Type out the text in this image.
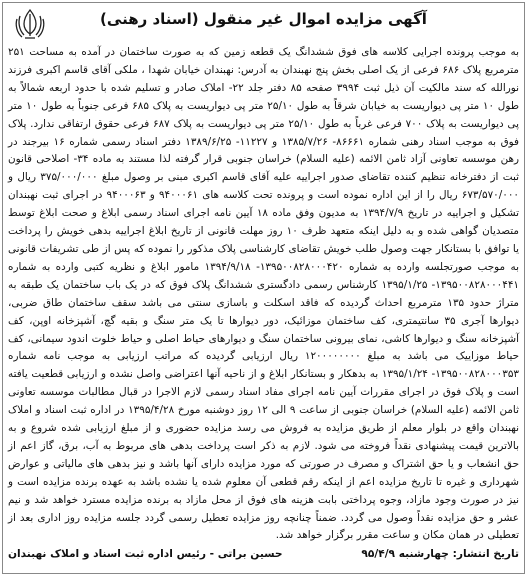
آگهی مزایده اموال غیر منقول (اسناد رهنی)

به موجب پرونده اجرایی کلاسه های فوق ششدانگ یک قطعه زمین که به صورت ساختمان در آمده به مساحت ۲۵۱ مترمربع پلاک ۶۸۶ فرعی از یک اصلی بخش پنج نهبندان به آدرس: نهبندان خیابان شهدا ، ملکی آقای قاسم اکبری فرزند نورالله که سند مالکیت آن ذیل ثبت ۳۹۹۴ صفحه ۸۵ دفتر جلد ۲۲- املاک صادر و تسلیم شده با حدود اربعه شمالاً به طول ۱۰ متر پی دیواریست به خیابان شرقاً به طول ۲۵/۱۰ متر پی دیواریست به پلاک ۶۸۵ فرعی جنوباً به طول ۱۰ متر پی دیواریست به پلاک ۷۰۰ فرعی غرباً به طول ۲۵/۱۰ متر پی دیواریست به پلاک ۶۸۷ فرعی حقوق ارتفاقی ندارد. پلاک فوق به موجب اسناد رهنی شماره ۸۶۶۶۱- ۱۳۸۵/۷/۲۶ و ۱۱۲۲۷- ۱۳۸۹/۶/۲۵ دفتر اسناد رسمی شماره ۱۶ بیرجند در رهن موسسه تعاونی آزاد ثامن الائمه (علیه السلام) خراسان جنوبی قرار گرفته لذا مستند به ماده ۳۴- اصلاحی قانون ثبت از دفترخانه تنظیم کننده تقاضای صدور اجراییه علیه آقای قاسم اکبری مبنی بر وصول مبلغ ۳۷۵/۰۰۰/۰۰۰ ریال و ۶۷۳/۵۷۰/۰۰۰ ریال را از این اداره نموده است و پرونده تحت کلاسه های ۹۴۰۰۰۶۱ و ۹۴۰۰۰۶۳ در اجرای ثبت نهبندان تشکیل و اجراییه در تاریخ ۱۳۹۴/۷/۹ به مدیون وفق ماده ۱۸ آیین نامه اجرای اسناد رسمی ابلاغ و صحت ابلاغ توسط متصدیان گواهی شده و به دلیل اینکه متعهد ظرف ۱۰ روز مهلت قانونی از تاریخ ابلاغ اجراییه بدهی خویش را پرداخت یا توافق با بستانکار جهت وصول طلب خویش تقاضای کارشناسی پلاک مذکور را نموده که پس از طی تشریفات قانونی به موجب صورتجلسه وارده به شماره ۱۳۹۵۰۰۸۲۸۰۰۰۴۲۰- ۱۳۹۴/۹/۱۸ مامور ابلاغ و نظریه کتبی وارده به شماره ۱۳۹۵۰۰۸۲۸۰۰۰۴۴۱- ۱۳۹۵/۱/۲۵ کارشناس رسمی دادگستری ششدانگ پلاک فوق که در یک باب ساختمان یک طبقه به متراژ حدود ۱۳۵ مترمربع احداث گردیده که فاقد اسکلت و باسازی سنتی می باشد سقف ساختمان طاق ضربی، دیوارها آجری ۳۵ سانتیمتری، کف ساختمان موزائیک، دور دیوارها تا یک متر سنگ و بقیه گچ، آشپزخانه اوپن، کف آشپزخانه سنگ و دیوارها کاشی، نمای بیرونی ساختمان سنگ و دیوارهای حیاط اصلی و حیاط خلوت اندود سیمانی، کف حیاط موزاییک می باشد به مبلغ ۱۲۰۰۰۰۰۰۰۰ ریال ارزیابی گردیده که مراتب ارزیابی به موجب نامه شماره ۱۳۹۵۰۰۸۲۸۰۰۰۳۵۳- ۱۳۹۵/۱/۲۴ به بدهکار و بستانکار ابلاغ و از ناحیه آنها اعتراضی واصل نشده و ارزیابی قطعیت یافته است و پلاک فوق در اجرای مقررات آیین نامه اجرای مفاد اسناد رسمی لازم الاجرا در قبال مطالبات موسسه تعاونی ثامن الائمه (علیه السلام) خراسان جنوبی از ساعت ۹ الی ۱۲ روز دوشنبه مورخ ۱۳۹۵/۴/۲۸ در اداره ثبت اسناد و املاک نهبندان واقع در بلوار معلم از طریق مزایده به فروش می رسد مزایده حضوری و از مبلغ ارزیابی شده شروع و به بالاترین قیمت پیشنهادی نقداً فروخته می شود. لازم به ذکر است پرداخت بدهی های مربوط به آب، برق، گاز اعم از حق انشعاب و یا حق اشتراک و مصرف در صورتی که مورد مزایده دارای آنها باشد و نیز بدهی های مالیاتی و عوارض شهرداری و غیره تا تاریخ مزایده اعم از اینکه رقم قطعی آن معلوم شده یا نشده باشد به عهده برنده مزایده است و نیز در صورت وجود مازاد، وجوه پرداختی بابت هزینه های فوق از محل مازاد به برنده مزایده مسترد خواهد شد و نیم عشر و حق مزایده نقداً وصول می گردد. ضمناً چنانچه روز مزایده تعطیل رسمی گردد جلسه مزایده روز اداری بعد از تعطیلی در همان مکان و ساعت مقرر برگزار خواهد شد.

تاریخ انتشار: چهارشنبه ۹۵/۴/۹
حسین براتی - رئیس اداره ثبت اسناد و املاک نهبندان
